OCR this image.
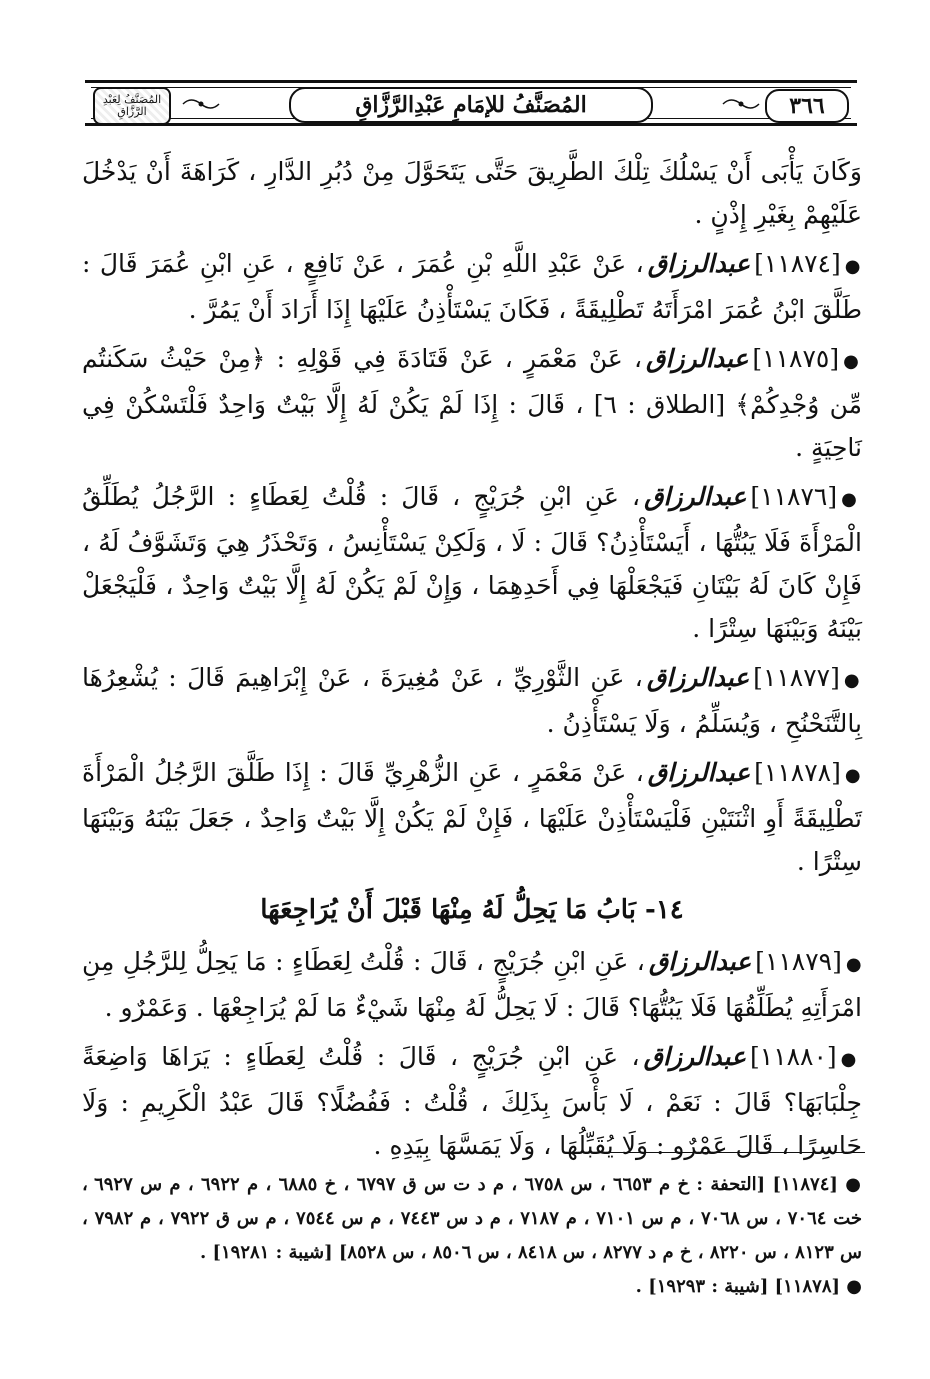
٣٦٦
المُصَنَّفُ للإمَامِ عَبْدِالرَّزَّاقِ
المُصَنَّفُ لِعَبْدِ الرَّزَّاقِ

وَكَانَ يَأْبَى أَنْ يَسْلُكَ تِلْكَ الطَّرِيقَ حَتَّى يَتَحَوَّلَ مِنْ دُبُرِ الدَّارِ ، كَرَاهَةَ أَنْ يَدْخُلَ عَلَيْهِمْ بِغَيْرِ إِذْنٍ .

●[١١٨٧٤]عبدالرزاق، عَنْ عَبْدِ اللَّهِ بْنِ عُمَرَ ، عَنْ نَافِعٍ ، عَنِ ابْنِ عُمَرَ قَالَ : طَلَّقَ ابْنُ عُمَرَ امْرَأَتَهُ تَطْلِيقَةً ، فَكَانَ يَسْتَأْذِنُ عَلَيْهَا إِذَا أَرَادَ أَنْ يَمُرَّ .

●[١١٨٧٥]عبدالرزاق، عَنْ مَعْمَرٍ ، عَنْ قَتَادَةَ فِي قَوْلِهِ : ﴿مِنْ حَيْثُ سَكَنتُم مِّن وُجْدِكُمْ﴾ [الطلاق : ٦] ، قَالَ : إِذَا لَمْ يَكُنْ لَهُ إِلَّا بَيْتٌ وَاحِدٌ فَلْتَسْكُنْ فِي نَاحِيَةٍ .

●[١١٨٧٦]عبدالرزاق، عَنِ ابْنِ جُرَيْجٍ ، قَالَ : قُلْتُ لِعَطَاءٍ : الرَّجُلُ يُطَلِّقُ الْمَرْأَةَ فَلَا يَبُتُّهَا ، أَيَسْتَأْذِنُ؟ قَالَ : لَا ، وَلَكِنْ يَسْتَأْنِسُ ، وَتَحْذَرُ هِيَ وَتَشَوَّفُ لَهُ ، فَإِنْ كَانَ لَهُ بَيْتَانِ فَيَجْعَلْهَا فِي أَحَدِهِمَا ، وَإِنْ لَمْ يَكُنْ لَهُ إِلَّا بَيْتٌ وَاحِدٌ ، فَلْيَجْعَلْ بَيْنَهُ وَبَيْنَهَا سِتْرًا .

●[١١٨٧٧]عبدالرزاق، عَنِ الثَّوْرِيِّ ، عَنْ مُغِيرَةَ ، عَنْ إِبْرَاهِيمَ قَالَ : يُشْعِرُهَا بِالتَّنَحْنُحِ ، وَيُسَلِّمُ ، وَلَا يَسْتَأْذِنُ .

●[١١٨٧٨]عبدالرزاق، عَنْ مَعْمَرٍ ، عَنِ الزُّهْرِيِّ قَالَ : إِذَا طَلَّقَ الرَّجُلُ الْمَرْأَةَ تَطْلِيقَةً أَوِ اثْنَتَيْنِ فَلْيَسْتَأْذِنْ عَلَيْهَا ، فَإِنْ لَمْ يَكُنْ إِلَّا بَيْتٌ وَاحِدٌ ، جَعَلَ بَيْنَهُ وَبَيْنَهَا سِتْرًا .

١٤- بَابُ مَا يَحِلُّ لَهُ مِنْهَا قَبْلَ أَنْ يُرَاجِعَهَا

●[١١٨٧٩]عبدالرزاق، عَنِ ابْنِ جُرَيْجٍ ، قَالَ : قُلْتُ لِعَطَاءٍ : مَا يَحِلُّ لِلرَّجُلِ مِنِ امْرَأَتِهِ يُطَلِّقُهَا فَلَا يَبُتُّهَا؟ قَالَ : لَا يَحِلُّ لَهُ مِنْهَا شَيْءٌ مَا لَمْ يُرَاجِعْهَا . وَعَمْرٌو .

●[١١٨٨٠]عبدالرزاق، عَنِ ابْنِ جُرَيْجٍ ، قَالَ : قُلْتُ لِعَطَاءٍ : يَرَاهَا وَاضِعَةً جِلْبَابَهَا؟ قَالَ : نَعَمْ ، لَا بَأْسَ بِذَلِكَ ، قُلْتُ : فَفُضُلًا؟ قَالَ عَبْدُ الْكَرِيمِ : وَلَا حَاسِرًا ، قَالَ عَمْرٌو : وَلَا يُقَبِّلُهَا ، وَلَا يَمَسَّهَا بِيَدِهِ .

● [١١٨٧٤] [التحفة : خ م ٦٦٥٣ ، س ٦٧٥٨ ، م د ت س ق ٦٧٩٧ ، خ ٦٨٨٥ ، م ٦٩٢٢ ، م س ٦٩٢٧ ، خت ٧٠٦٤ ، س ٧٠٦٨ ، م س ٧١٠١ ، م ٧١٨٧ ، م د س ٧٤٤٣ ، م س ٧٥٤٤ ، م س ق ٧٩٢٢ ، م ٧٩٨٢ ، س ٨١٢٣ ، س ٨٢٢٠ ، خ م د ٨٢٧٧ ، س ٨٤١٨ ، س ٨٥٠٦ ، س ٨٥٢٨] [شيبة : ١٩٢٨١] .

● [١١٨٧٨] [شيبة : ١٩٢٩٣] .
